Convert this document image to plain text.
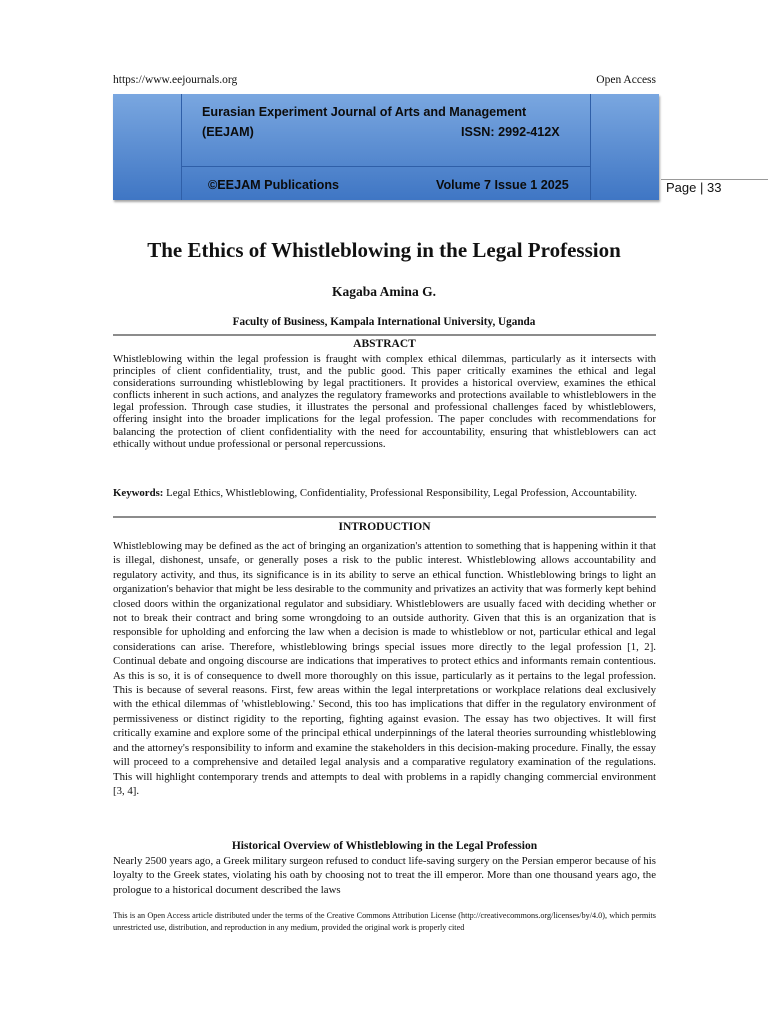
https://www.eejournals.org	Open Access
Eurasian Experiment Journal of Arts and Management
(EEJAM)	ISSN: 2992-412X
©EEJAM Publications	Volume 7 Issue 1 2025	Page | 33
The Ethics of Whistleblowing in the Legal Profession
Kagaba Amina G.
Faculty of Business, Kampala International University, Uganda
ABSTRACT

Whistleblowing within the legal profession is fraught with complex ethical dilemmas, particularly as it intersects with principles of client confidentiality, trust, and the public good. This paper critically examines the ethical and legal considerations surrounding whistleblowing by legal practitioners. It provides a historical overview, examines the ethical conflicts inherent in such actions, and analyzes the regulatory frameworks and protections available to whistleblowers in the legal profession. Through case studies, it illustrates the personal and professional challenges faced by whistleblowers, offering insight into the broader implications for the legal profession. The paper concludes with recommendations for balancing the protection of client confidentiality with the need for accountability, ensuring that whistleblowers can act ethically without undue professional or personal repercussions.

Keywords: Legal Ethics, Whistleblowing, Confidentiality, Professional Responsibility, Legal Profession, Accountability.
INTRODUCTION

Whistleblowing may be defined as the act of bringing an organization's attention to something that is happening within it that is illegal, dishonest, unsafe, or generally poses a risk to the public interest. Whistleblowing allows accountability and regulatory activity, and thus, its significance is in its ability to serve an ethical function. Whistleblowing brings to light an organization's behavior that might be less desirable to the community and privatizes an activity that was formerly kept behind closed doors within the organizational regulator and subsidiary. Whistleblowers are usually faced with deciding whether or not to break their contract and bring some wrongdoing to an outside authority. Given that this is an organization that is responsible for upholding and enforcing the law when a decision is made to whistleblow or not, particular ethical and legal considerations can arise. Therefore, whistleblowing brings special issues more directly to the legal profession [1, 2]. Continual debate and ongoing discourse are indications that imperatives to protect ethics and informants remain contentious. As this is so, it is of consequence to dwell more thoroughly on this issue, particularly as it pertains to the legal profession. This is because of several reasons. First, few areas within the legal interpretations or workplace relations deal exclusively with the ethical dilemmas of 'whistleblowing.' Second, this too has implications that differ in the regulatory environment of permissiveness or distinct rigidity to the reporting, fighting against evasion. The essay has two objectives. It will first critically examine and explore some of the principal ethical underpinnings of the lateral theories surrounding whistleblowing and the attorney's responsibility to inform and examine the stakeholders in this decision-making procedure. Finally, the essay will proceed to a comprehensive and detailed legal analysis and a comparative regulatory examination of the regulations. This will highlight contemporary trends and attempts to deal with problems in a rapidly changing commercial environment [3, 4].

Historical Overview of Whistleblowing in the Legal Profession

Nearly 2500 years ago, a Greek military surgeon refused to conduct life-saving surgery on the Persian emperor because of his loyalty to the Greek states, violating his oath by choosing not to treat the ill emperor. More than one thousand years ago, the prologue to a historical document described the laws

This is an Open Access article distributed under the terms of the Creative Commons Attribution License (http://creativecommons.org/licenses/by/4.0), which permits unrestricted use, distribution, and reproduction in any medium, provided the original work is properly cited
